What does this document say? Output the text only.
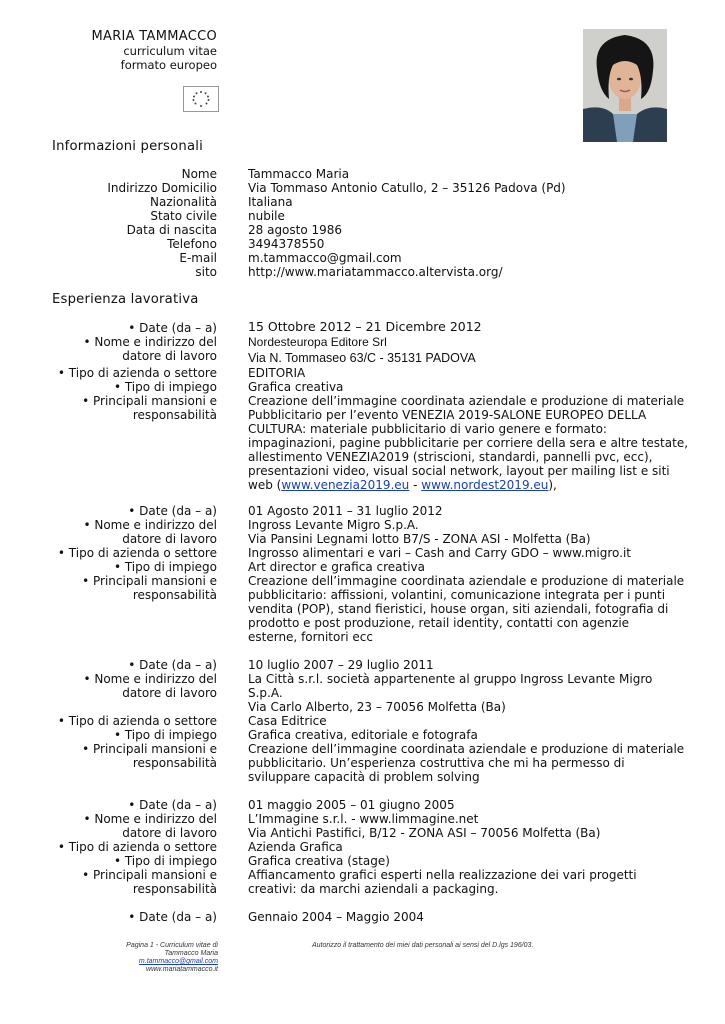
MARIA TAMMACCO
curriculum vitae
formato europeo
Informazioni personali
Nome	Tammacco Maria
Indirizzo Domicilio	Via Tommaso Antonio Catullo, 2 – 35126 Padova (Pd)
Nazionalità	Italiana
Stato civile	nubile
Data di nascita	28 agosto 1986
Telefono	3494378550
E-mail	m.tammacco@gmail.com
sito	http://www.mariatammacco.altervista.org/
Esperienza lavorativa
• Date (da – a) 15 Ottobre 2012 – 21 Dicembre 2012
• Nome e indirizzo del	Nordesteuropa Editore Srl
datore di lavoro Via N. Tommaseo 63/C - 35131 PADOVA
• Tipo di azienda o settore	EDITORIA
• Tipo di impiego	Grafica creativa
• Principali mansioni e
responsabilità
Creazione dell’immagine coordinata aziendale e produzione di materiale
Pubblicitario per l’evento VENEZIA 2019-SALONE EUROPEO DELLA
CULTURA: materiale pubblicitario di vario genere e formato:
impaginazioni, pagine pubblicitarie per corriere della sera e altre testate,
allestimento VENEZIA2019 (striscioni, standardi, pannelli pvc, ecc),
presentazioni video, visual social network, layout per mailing list e siti
web (www.venezia2019.eu - www.nordest2019.eu),
• Date (da – a)	01 Agosto 2011 – 31 luglio 2012
• Nome e indirizzo del	Ingross Levante Migro S.p.A.
datore di lavoro	Via Pansini Legnami lotto B7/S - ZONA ASI - Molfetta (Ba)
• Tipo di azienda o settore	Ingrosso alimentari e vari – Cash and Carry GDO – www.migro.it
• Tipo di impiego	Art director e grafica creativa
• Principali mansioni e
responsabilità
Creazione dell’immagine coordinata aziendale e produzione di materiale
pubblicitario: affissioni, volantini, comunicazione integrata per i punti
vendita (POP), stand fieristici, house organ, siti aziendali, fotografia di
prodotto e post produzione, retail identity, contatti con agenzie
esterne, fornitori ecc
• Date (da – a)	10 luglio 2007 – 29 luglio 2011
• Nome e indirizzo del	La Città s.r.l. società appartenente al gruppo Ingross Levante Migro
datore di lavoro	S.p.A.
Via Carlo Alberto, 23 – 70056 Molfetta (Ba)
• Tipo di azienda o settore	Casa Editrice
• Tipo di impiego	Grafica creativa, editoriale e fotografa
• Principali mansioni e
responsabilità
Creazione dell’immagine coordinata aziendale e produzione di materiale
pubblicitario. Un’esperienza costruttiva che mi ha permesso di
sviluppare capacità di problem solving
• Date (da – a)	01 maggio 2005 – 01 giugno 2005
• Nome e indirizzo del	L’Immagine s.r.l. - www.limmagine.net
datore di lavoro	Via Antichi Pastifici, B/12 - ZONA ASI – 70056 Molfetta (Ba)
• Tipo di azienda o settore	Azienda Grafica
• Tipo di impiego	Grafica creativa (stage)
• Principali mansioni e
responsabilità
Affiancamento grafici esperti nella realizzazione dei vari progetti
creativi: da marchi aziendali a packaging.
• Date (da – a)	Gennaio 2004 – Maggio 2004
Pagina 1 - Curriculum vitae di
Tammacco Maria
m.tammacco@gmail.com
www.mariatammacco.it
Autorizzo il trattamento dei miei dati personali ai sensi del D.lgs 196/03.
